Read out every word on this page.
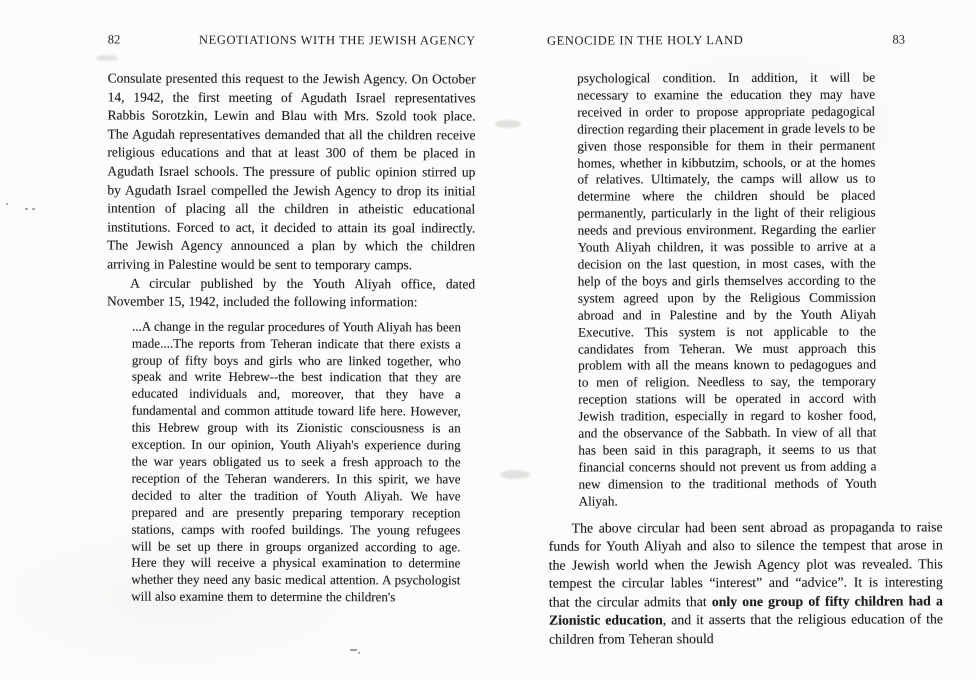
82	NEGOTIATIONS WITH THE JEWISH AGENCY

Consulate presented this request to the Jewish Agency. On October 14, 1942, the first meeting of Agudath Israel representatives Rabbis Sorotzkin, Lewin and Blau with Mrs. Szold took place. The Agudah representatives demanded that all the children receive religious educations and that at least 300 of them be placed in Agudath Israel schools. The pressure of public opinion stirred up by Agudath Israel compelled the Jewish Agency to drop its initial intention of placing all the children in atheistic educational institutions. Forced to act, it decided to attain its goal indirectly. The Jewish Agency announced a plan by which the children arriving in Palestine would be sent to temporary camps.

A circular published by the Youth Aliyah office, dated November 15, 1942, included the following information:

...A change in the regular procedures of Youth Aliyah has been made....The reports from Teheran indicate that there exists a group of fifty boys and girls who are linked together, who speak and write Hebrew--the best indication that they are educated individuals and, moreover, that they have a fundamental and common attitude toward life here. However, this Hebrew group with its Zionistic consciousness is an exception. In our opinion, Youth Aliyah's experience during the war years obligated us to seek a fresh approach to the reception of the Teheran wanderers. In this spirit, we have decided to alter the tradition of Youth Aliyah. We have prepared and are presently preparing temporary reception stations, camps with roofed buildings. The young refugees will be set up there in groups organized according to age. Here they will receive a physical examination to determine whether they need any basic medical attention. A psychologist will also examine them to determine the children's
GENOCIDE IN THE HOLY LAND	83
psychological condition. In addition, it will be necessary to examine the education they may have received in order to propose appropriate pedagogical direction regarding their placement in grade levels to be given those responsible for them in their permanent homes, whether in kibbutzim, schools, or at the homes of relatives. Ultimately, the camps will allow us to determine where the children should be placed permanently, particularly in the light of their religious needs and previous environment. Regarding the earlier Youth Aliyah children, it was possible to arrive at a decision on the last question, in most cases, with the help of the boys and girls themselves according to the system agreed upon by the Religious Commission abroad and in Palestine and by the Youth Aliyah Executive. This system is not applicable to the candidates from Teheran. We must approach this problem with all the means known to pedagogues and to men of religion. Needless to say, the temporary reception stations will be operated in accord with Jewish tradition, especially in regard to kosher food, and the observance of the Sabbath. In view of all that has been said in this paragraph, it seems to us that financial concerns should not prevent us from adding a new dimension to the traditional methods of Youth Aliyah.

The above circular had been sent abroad as propaganda to raise funds for Youth Aliyah and also to silence the tempest that arose in the Jewish world when the Jewish Agency plot was revealed. This tempest the circular lables “interest” and “advice”. It is interesting that the circular admits that only one group of fifty children had a Zionistic education, and it asserts that the religious education of the children from Teheran should
